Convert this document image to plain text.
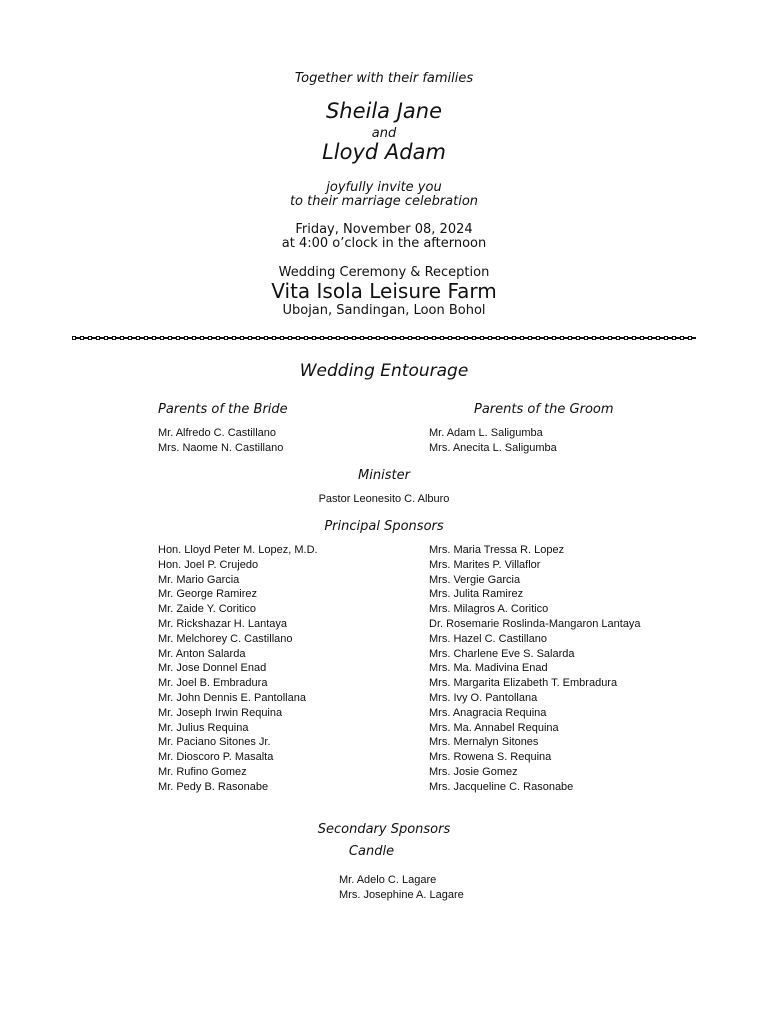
Together with their families
Sheila Jane
and
Lloyd Adam
joyfully invite you
to their marriage celebration
Friday, November 08, 2024
at 4:00 o’clock in the afternoon
Wedding Ceremony & Reception
Vita Isola Leisure Farm
Ubojan, Sandingan, Loon Bohol
Wedding Entourage
Parents of the Bride	Parents of the Groom
Mr. Alfredo C. Castillano
Mrs. Naome N. Castillano
Mr. Adam L. Saligumba
Mrs. Anecita L. Saligumba
Minister
Pastor Leonesito C. Alburo
Principal Sponsors
Hon. Lloyd Peter M. Lopez, M.D.
Hon. Joel P. Crujedo
Mr. Mario Garcia
Mr. George Ramirez
Mr. Zaide Y. Coritico
Mr. Rickshazar H. Lantaya
Mr. Melchorey C. Castillano
Mr. Anton Salarda
Mr. Jose Donnel Enad
Mr. Joel B. Embradura
Mr. John Dennis E. Pantollana
Mr. Joseph Irwin Requina
Mr. Julius Requina
Mr. Paciano Sitones Jr.
Mr. Dioscoro P. Masalta
Mr. Rufino Gomez
Mr. Pedy B. Rasonabe
Mrs. Maria Tressa R. Lopez
Mrs. Marites P. Villaflor
Mrs. Vergie Garcia
Mrs. Julita Ramirez
Mrs. Milagros A. Coritico
Dr. Rosemarie Roslinda-Mangaron Lantaya
Mrs. Hazel C. Castillano
Mrs. Charlene Eve S. Salarda
Mrs. Ma. Madivina Enad
Mrs. Margarita Elizabeth T. Embradura
Mrs. Ivy O. Pantollana
Mrs. Anagracia Requina
Mrs. Ma. Annabel Requina
Mrs. Mernalyn Sitones
Mrs. Rowena S. Requina
Mrs. Josie Gomez
Mrs. Jacqueline C. Rasonabe
Secondary Sponsors
Candle
Mr. Adelo C. Lagare
Mrs. Josephine A. Lagare
